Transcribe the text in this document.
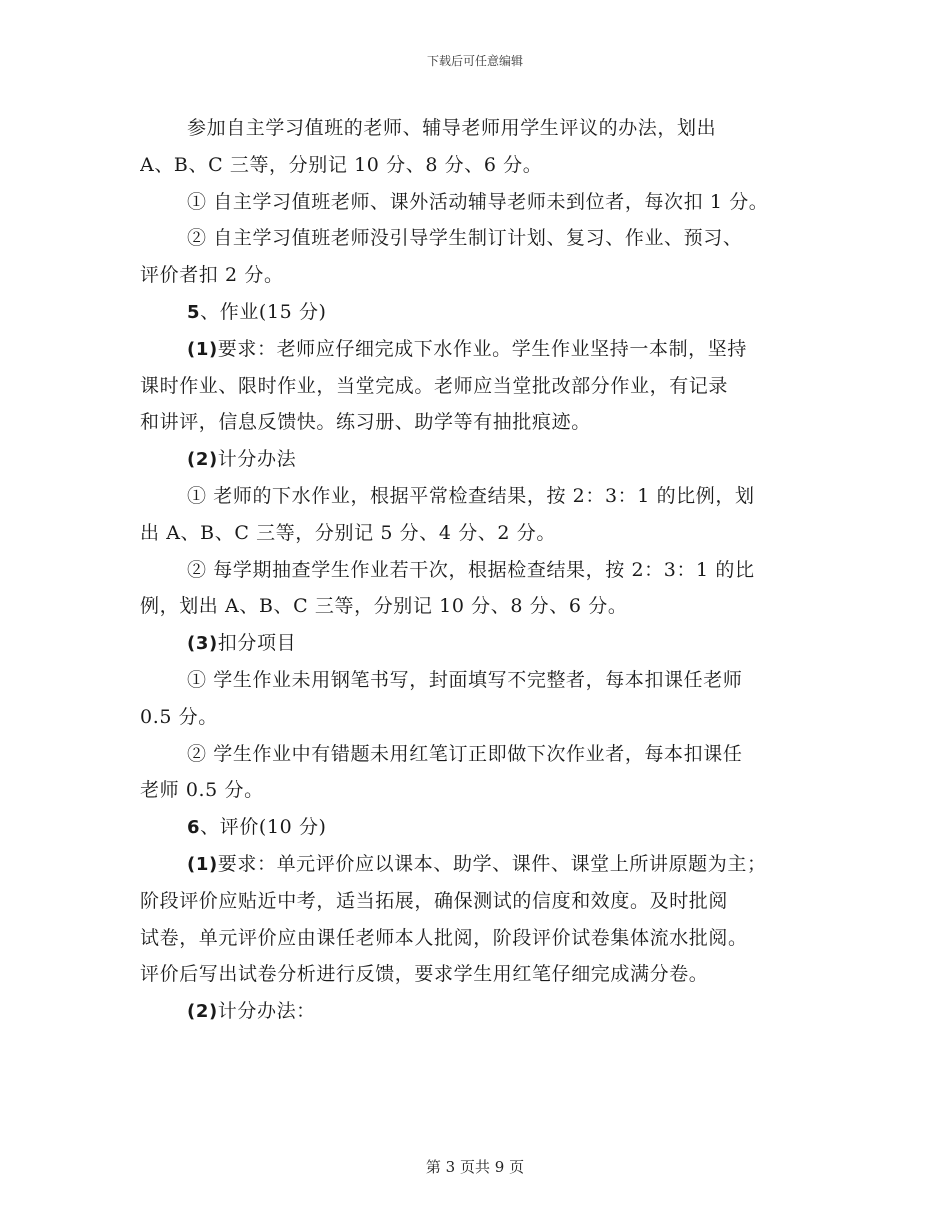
下载后可任意编辑
参加自主学习值班的老师、辅导老师用学生评议的办法，划出
A、B、C 三等，分别记 10 分、8 分、6 分。
① 自主学习值班老师、课外活动辅导老师未到位者，每次扣 1 分。
② 自主学习值班老师没引导学生制订计划、复习、作业、预习、
评价者扣 2 分。
5、作业(15 分)
(1)要求：老师应仔细完成下水作业。学生作业坚持一本制，坚持
课时作业、限时作业，当堂完成。老师应当堂批改部分作业，有记录
和讲评，信息反馈快。练习册、助学等有抽批痕迹。
(2)计分办法
① 老师的下水作业，根据平常检查结果，按 2：3：1 的比例，划
出 A、B、C 三等，分别记 5 分、4 分、2 分。
② 每学期抽查学生作业若干次，根据检查结果，按 2：3：1 的比
例，划出 A、B、C 三等，分别记 10 分、8 分、6 分。
(3)扣分项目
① 学生作业未用钢笔书写，封面填写不完整者，每本扣课任老师
0.5 分。
② 学生作业中有错题未用红笔订正即做下次作业者，每本扣课任
老师 0.5 分。
6、评价(10 分)
(1)要求：单元评价应以课本、助学、课件、课堂上所讲原题为主；
阶段评价应贴近中考，适当拓展，确保测试的信度和效度。及时批阅
试卷，单元评价应由课任老师本人批阅，阶段评价试卷集体流水批阅。
评价后写出试卷分析进行反馈，要求学生用红笔仔细完成满分卷。
(2)计分办法：
第 3 页共 9 页
